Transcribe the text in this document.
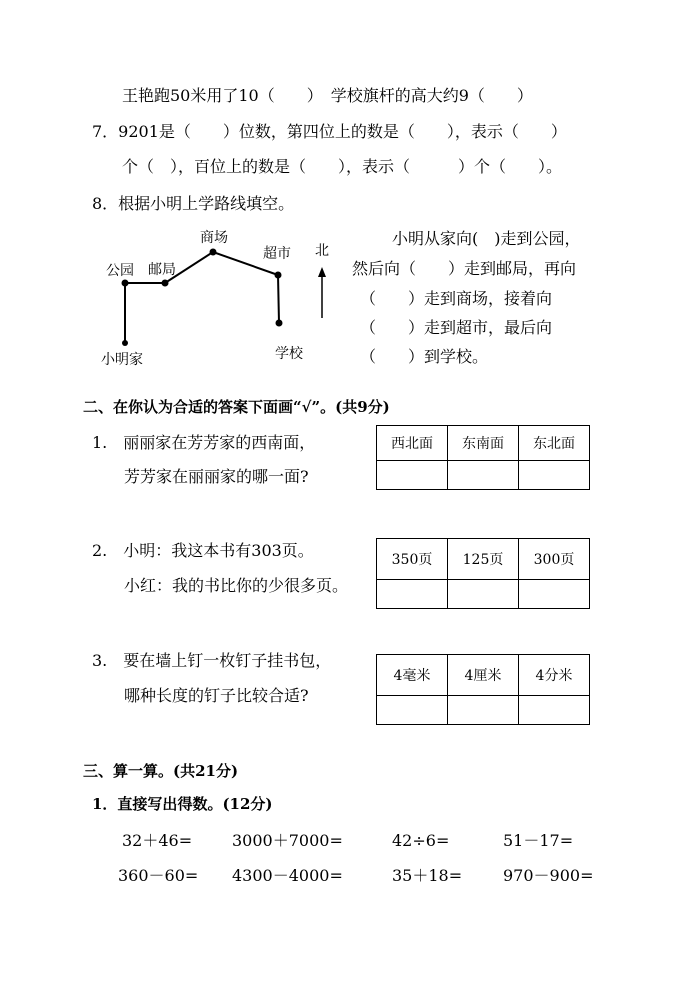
王艳跑50米用了10（　　）　学校旗杆的高大约9（　　）
7．9201是（　　）位数，第四位上的数是（　　），表示（　　）
个（　），百位上的数是（　　），表示（　　　）个（　　）。
8．根据小明上学路线填空。
小明家
公园 邮局
商场
超市
学校
北
小明从家向(　)走到公园，
然后向（　　）走到邮局，再向
（　　）走到商场，接着向
（　　）走到超市，最后向
（　　）到学校。
二、在你认为合适的答案下面画“√”。(共9分)
1.　丽丽家在芳芳家的西南面，
芳芳家在丽丽家的哪一面?
西北面	东南面	东北面

2.　小明：我这本书有303页。
小红：我的书比你的少很多页。
350页	125页	300页

3.　要在墙上钉一枚钉子挂书包，
哪种长度的钉子比较合适?
4毫米	4厘米	4分米

三、算一算。(共21分)
1．直接写出得数。(12分)
32＋46= 3000＋7000=	42÷6=	51－17=
360－60= 4300－4000=	35＋18=	970－900=
